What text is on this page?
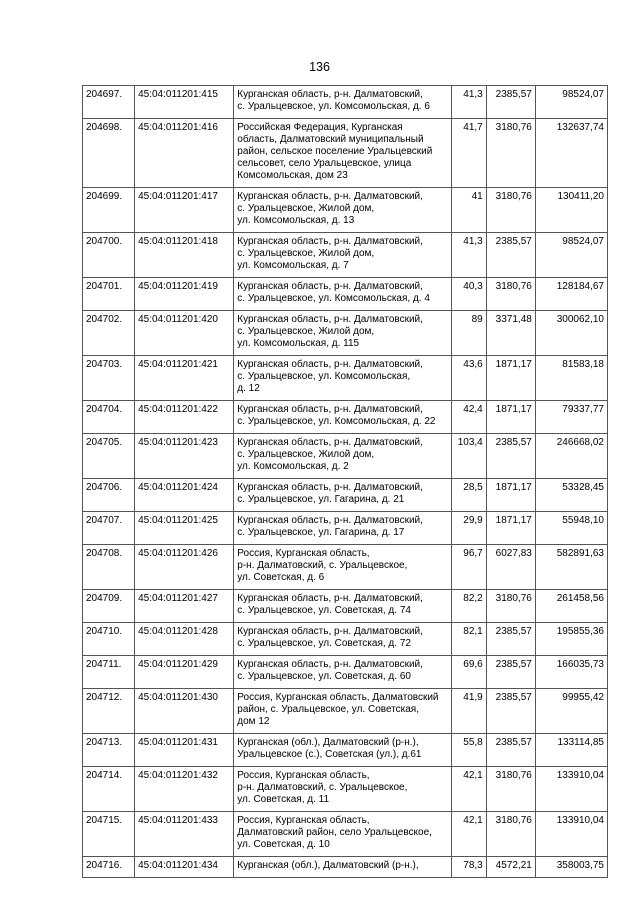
136
204697.	45:04:011201:415	Курганская область, р-н. Далматовский,
с. Уральцевское, ул. Комсомольская, д. 6	41,3	2385,57	98524,07
204698.	45:04:011201:416	Российская Федерация, Курганская
область, Далматовский муниципальный
район, сельское поселение Уральцевский
сельсовет, село Уральцевское, улица
Комсомольская, дом 23	41,7	3180,76	132637,74
204699.	45:04:011201:417	Курганская область, р-н. Далматовский,
с. Уральцевское, Жилой дом,
ул. Комсомольская, д. 13	41	3180,76	130411,20
204700.	45:04:011201:418	Курганская область, р-н. Далматовский,
с. Уральцевское, Жилой дом,
ул. Комсомольская, д. 7	41,3	2385,57	98524,07
204701.	45:04:011201:419	Курганская область, р-н. Далматовский,
с. Уральцевское, ул. Комсомольская, д. 4	40,3	3180,76	128184,67
204702.	45:04:011201:420	Курганская область, р-н. Далматовский,
с. Уральцевское, Жилой дом,
ул. Комсомольская, д. 115	89	3371,48	300062,10
204703.	45:04:011201:421	Курганская область, р-н. Далматовский,
с. Уральцевское, ул. Комсомольская,
д. 12	43,6	1871,17	81583,18
204704.	45:04:011201:422	Курганская область, р-н. Далматовский,
с. Уральцевское, ул. Комсомольская, д. 22	42,4	1871,17	79337,77
204705.	45:04:011201:423	Курганская область, р-н. Далматовский,
с. Уральцевское, Жилой дом,
ул. Комсомольская, д. 2	103,4	2385,57	246668,02
204706.	45:04:011201:424	Курганская область, р-н. Далматовский,
с. Уральцевское, ул. Гагарина, д. 21	28,5	1871,17	53328,45
204707.	45:04:011201:425	Курганская область, р-н. Далматовский,
с. Уральцевское, ул. Гагарина, д. 17	29,9	1871,17	55948,10
204708.	45:04:011201:426	Россия, Курганская область,
р-н. Далматовский, с. Уральцевское,
ул. Советская, д. 6	96,7	6027,83	582891,63
204709.	45:04:011201:427	Курганская область, р-н. Далматовский,
с. Уральцевское, ул. Советская, д. 74	82,2	3180,76	261458,56
204710.	45:04:011201:428	Курганская область, р-н. Далматовский,
с. Уральцевское, ул. Советская, д. 72	82,1	2385,57	195855,36
204711.	45:04:011201:429	Курганская область, р-н. Далматовский,
с. Уральцевское, ул. Советская, д. 60	69,6	2385,57	166035,73
204712.	45:04:011201:430	Россия, Курганская область, Далматовский
район, с. Уральцевское, ул. Советская,
дом 12	41,9	2385,57	99955,42
204713.	45:04:011201:431	Курганская (обл.), Далматовский (р-н.),
Уральцевское (с.), Советская (ул.), д.61	55,8	2385,57	133114,85
204714.	45:04:011201:432	Россия, Курганская область,
р-н. Далматовский, с. Уральцевское,
ул. Советская, д. 11	42,1	3180,76	133910,04
204715.	45:04:011201:433	Россия, Курганская область,
Далматовский район, село Уральцевское,
ул. Советская, д. 10	42,1	3180,76	133910,04
204716.	45:04:011201:434	Курганская (обл.), Далматовский (р-н.),	78,3	4572,21	358003,75
